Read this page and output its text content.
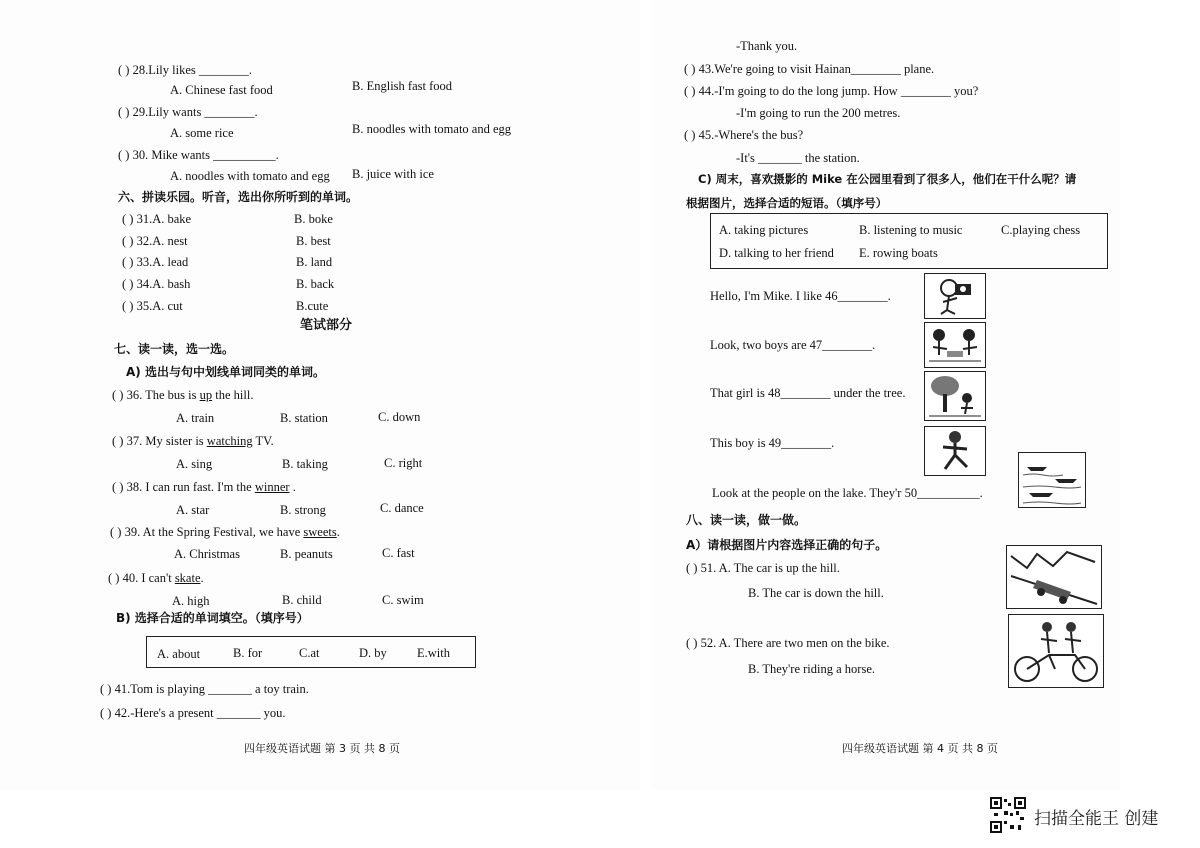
( ) 28.Lily likes ________.
A. Chinese fast food	B. English fast food
( ) 29.Lily wants ________.
A. some rice	B. noodles with tomato and egg
( ) 30. Mike wants __________.
A. noodles with tomato and egg B. juice with ice
六、拼读乐园。听音，选出你所听到的单词。
( ) 31.A. bake	B. boke
( ) 32.A. nest	B. best
( ) 33.A. lead	B. land
( ) 34.A. bash	B. back
( ) 35.A. cut	B.cute
笔试部分
七、读一读，选一选。
A) 选出与句中划线单词同类的单词。
( ) 36. The bus is up the hill.
A. train	B. station	C. down
( ) 37. My sister is watching TV.
A. sing	B. taking	C. right
( ) 38. I can run fast. I'm the winner .
A. star	B. strong	C. dance
( ) 39. At the Spring Festival, we have sweets.
A. Christmas	B. peanuts	C. fast
( ) 40. I can't skate.
A. high	B. child	C. swim
B) 选择合适的单词填空。（填序号）
A. about	B. for	C.at	D. by E.with
( ) 41.Tom is playing _______ a toy train.
( ) 42.-Here's a present _______ you.
四年级英语试题 第 3 页 共 8 页
-Thank you.
( ) 43.We're going to visit Hainan________ plane.
( ) 44.-I'm going to do the long jump. How ________ you?
-I'm going to run the 200 metres.
( ) 45.-Where's the bus?
-It's _______ the station.
C) 周末，喜欢摄影的 Mike 在公园里看到了很多人，他们在干什么呢？请
根据图片，选择合适的短语。（填序号）
A. taking pictures	B. listening to music	C.playing chess
D. talking to her friend E. rowing boats
Hello, I'm Mike. I like 46________.
Look, two boys are 47________.
That girl is 48________ under the tree.
This boy is 49________.
Look at the people on the lake. They'r 50__________.
八、读一读，做一做。
A）请根据图片内容选择正确的句子。
( ) 51. A. The car is up the hill.
B. The car is down the hill.
( ) 52. A. There are two men on the bike.
B. They're riding a horse.
四年级英语试题 第 4 页 共 8 页
扫描全能王 创建
